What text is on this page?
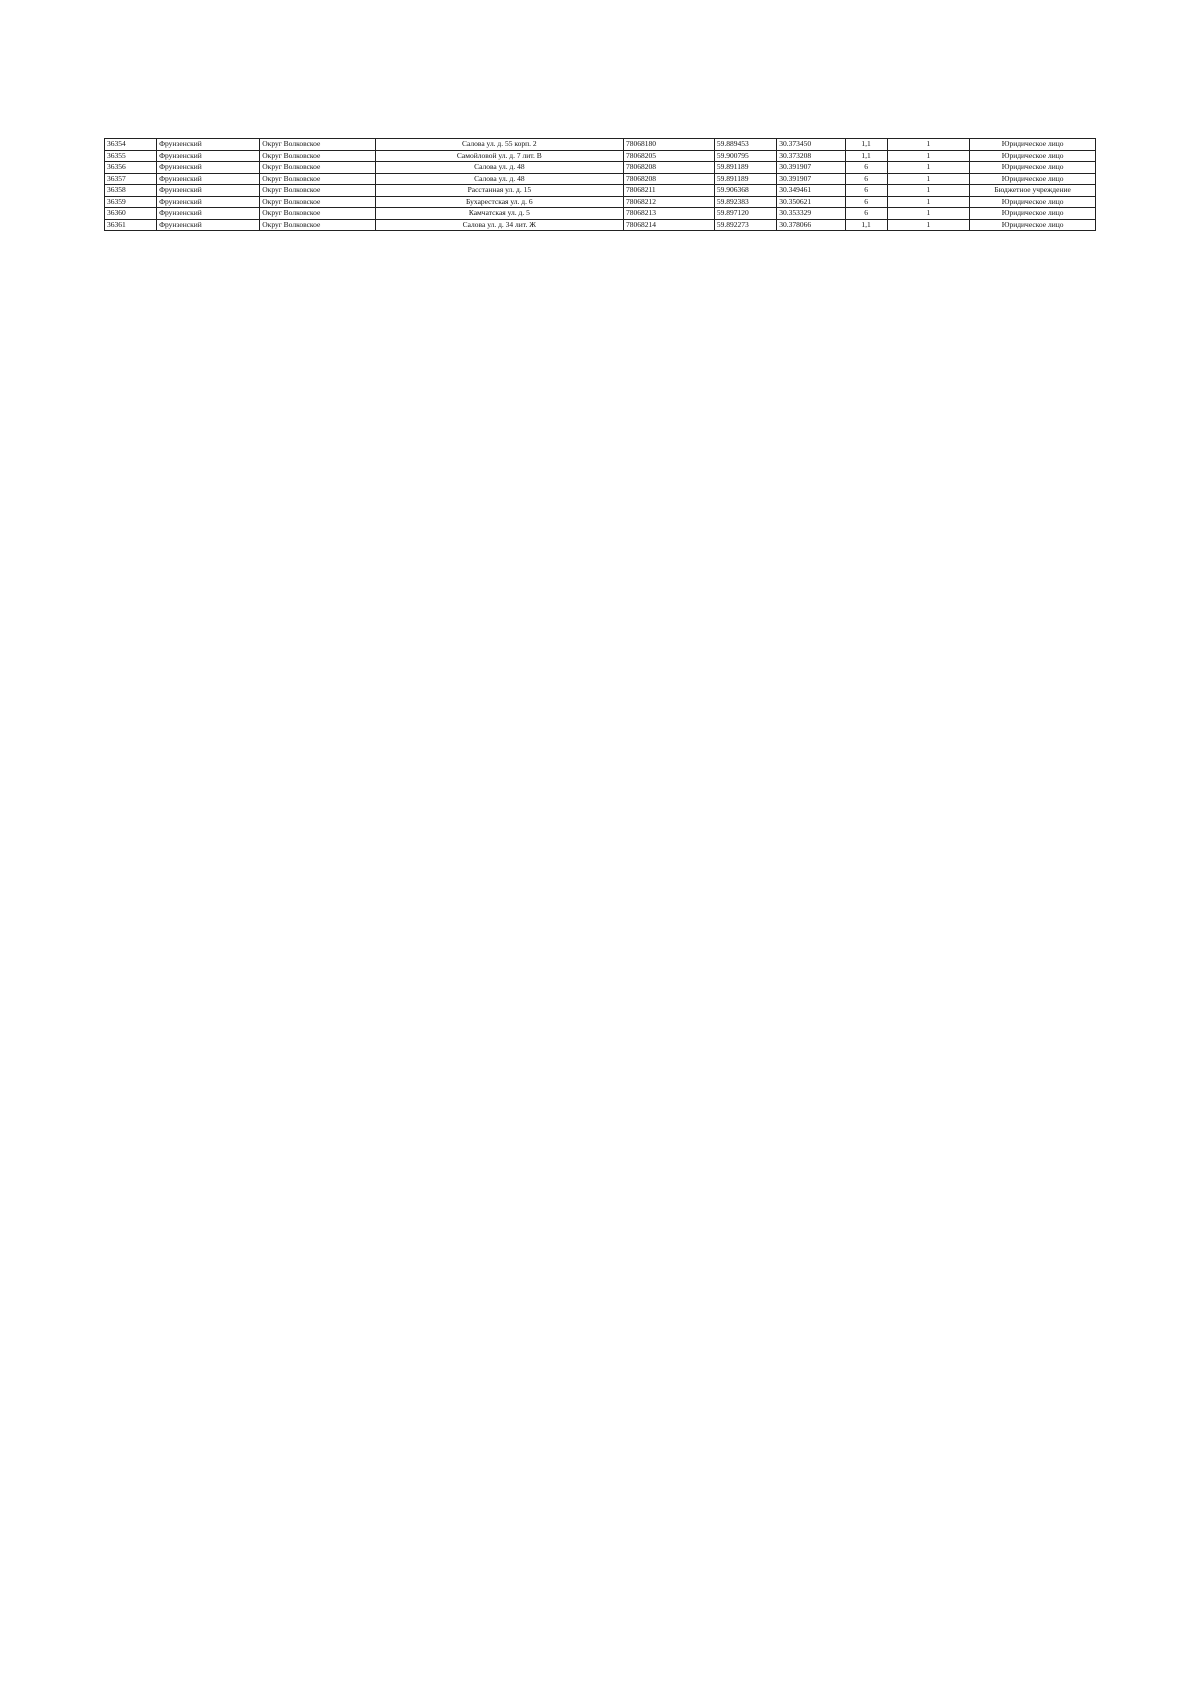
36354	Фрунзенский	Округ Волковское	Салова ул. д. 55 корп. 2	78068180	59.889453	30.373450	1,1	1	Юридическое лицо
36355	Фрунзенский	Округ Волковское	Самойловой ул. д. 7 лит. В	78068205	59.900795	30.373208	1,1	1	Юридическое лицо
36356	Фрунзенский	Округ Волковское	Салова ул. д. 48	78068208	59.891189	30.391907	6	1	Юридическое лицо
36357	Фрунзенский	Округ Волковское	Салова ул. д. 48	78068208	59.891189	30.391907	6	1	Юридическое лицо
36358	Фрунзенский	Округ Волковское	Расстанная ул. д. 15	78068211	59.906368	30.349461	6	1	Бюджетное учреждение
36359	Фрунзенский	Округ Волковское	Бухарестская ул. д. 6	78068212	59.892383	30.350621	6	1	Юридическое лицо
36360	Фрунзенский	Округ Волковское	Камчатская ул. д. 5	78068213	59.897120	30.353329	6	1	Юридическое лицо
36361	Фрунзенский	Округ Волковское	Салова ул. д. 34 лит. Ж	78068214	59.892273	30.378066	1,1	1	Юридическое лицо
